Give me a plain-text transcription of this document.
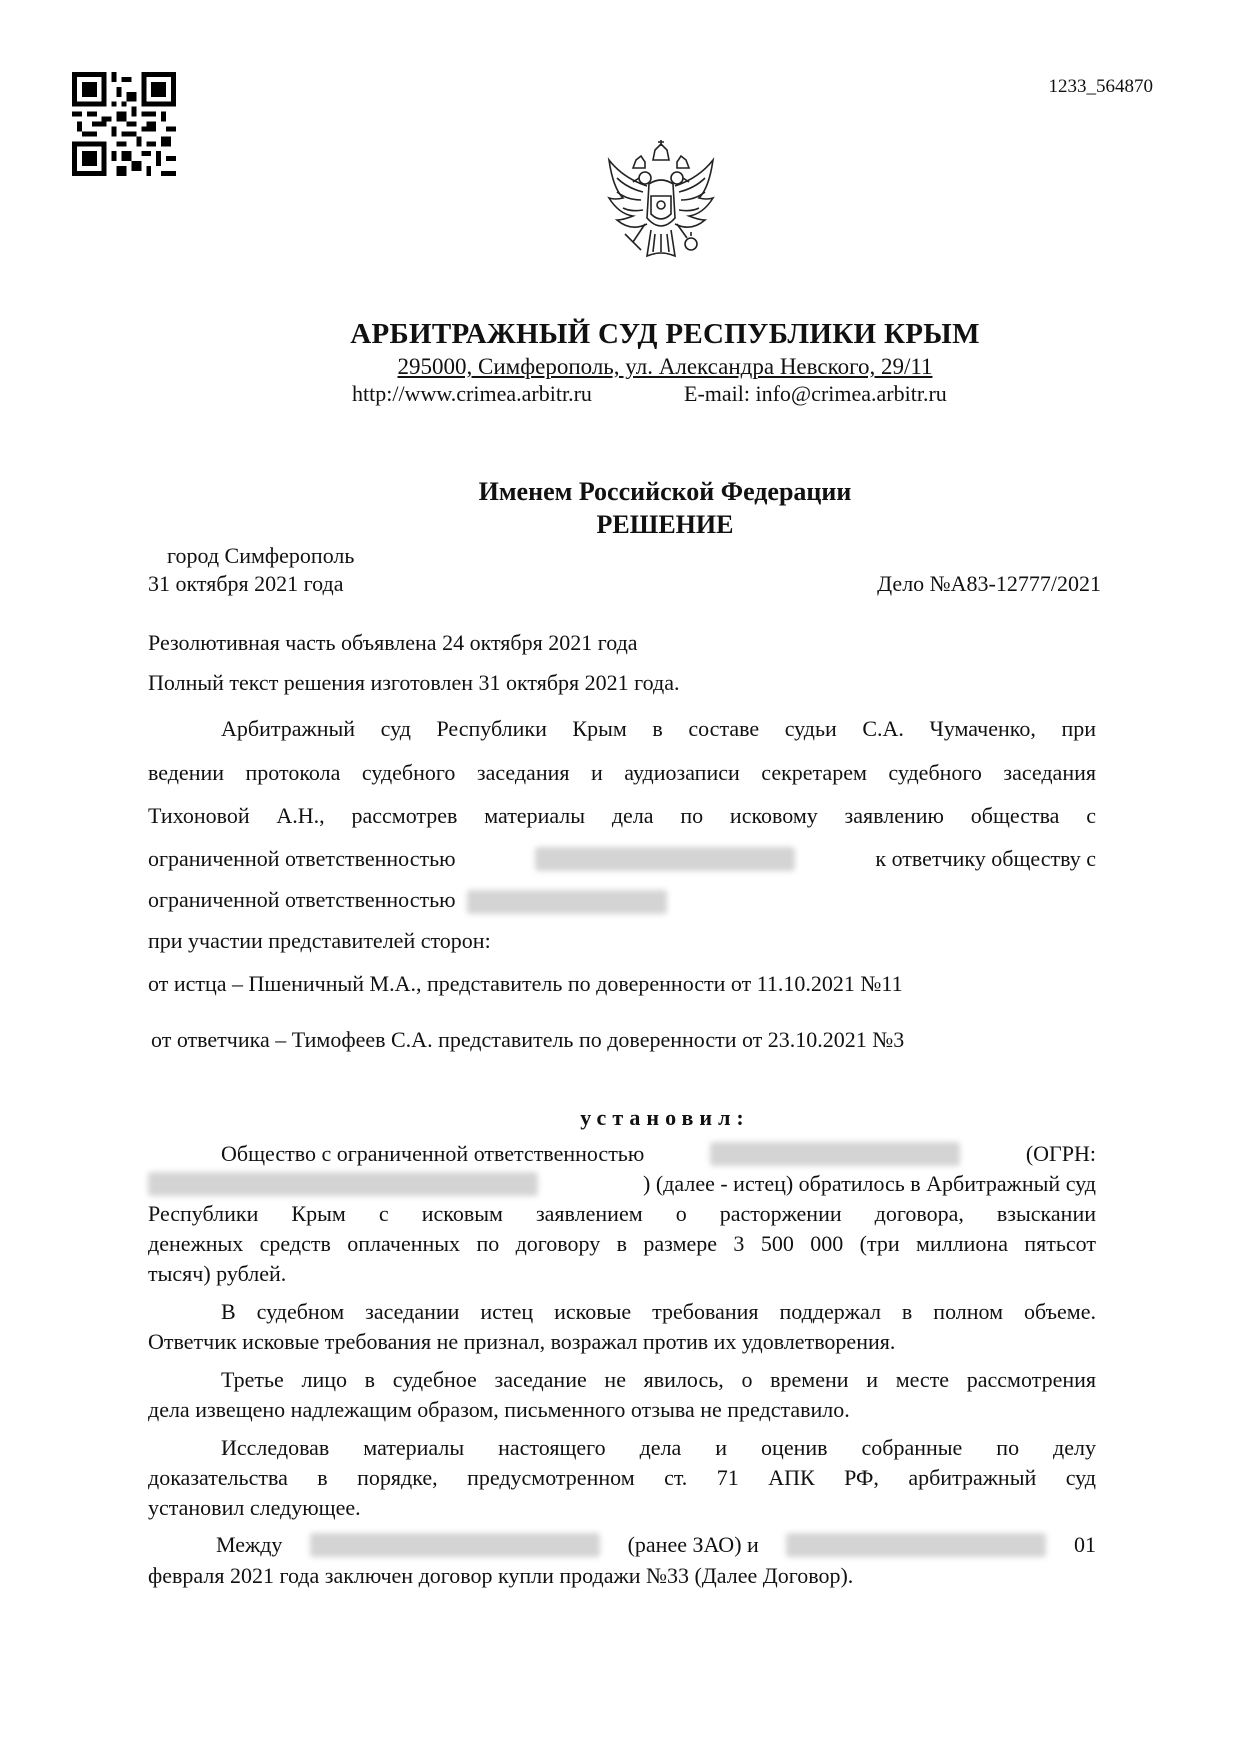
1233_564870
АРБИТРАЖНЫЙ СУД РЕСПУБЛИКИ КРЫМ
295000, Симферополь, ул. Александра Невского, 29/11
http://www.crimea.arbitr.ru	E-mail: info@crimea.arbitr.ru
Именем Российской Федерации
РЕШЕНИЕ
город Симферополь
31 октября 2021 года	Дело №А83-12777/2021
Резолютивная часть объявлена 24 октября 2021 года
Полный текст решения изготовлен 31 октября 2021 года.
Арбитражный суд Республики Крым в составе судьи С.А. Чумаченко, при
ведении протокола судебного заседания и аудиозаписи секретарем судебного заседания
Тихоновой А.Н., рассмотрев материалы дела по исковому заявлению общества с
ограниченной ответственностью	к ответчику обществу с
ограниченной ответственностью
при участии представителей сторон:
от истца – Пшеничный М.А., представитель по доверенности от 11.10.2021 №11
от ответчика – Тимофеев С.А. представитель по доверенности от 23.10.2021 №3
установил:
Общество с ограниченной ответственностью	(ОГРН:
) (далее - истец) обратилось в Арбитражный суд
Республики Крым с исковым заявлением о расторжении договора, взыскании
денежных средств оплаченных по договору в размере 3 500 000 (три миллиона пятьсот
тысяч) рублей.
В судебном заседании истец исковые требования поддержал в полном объеме.
Ответчик исковые требования не признал, возражал против их удовлетворения.
Третье лицо в судебное заседание не явилось, о времени и месте рассмотрения
дела извещено надлежащим образом, письменного отзыва не представило.
Исследовав материалы настоящего дела и оценив собранные по делу
доказательства в порядке, предусмотренном ст. 71 АПК РФ, арбитражный суд
установил следующее.
Между	(ранее ЗАО) и	01
февраля 2021 года заключен договор купли продажи №33 (Далее Договор).
